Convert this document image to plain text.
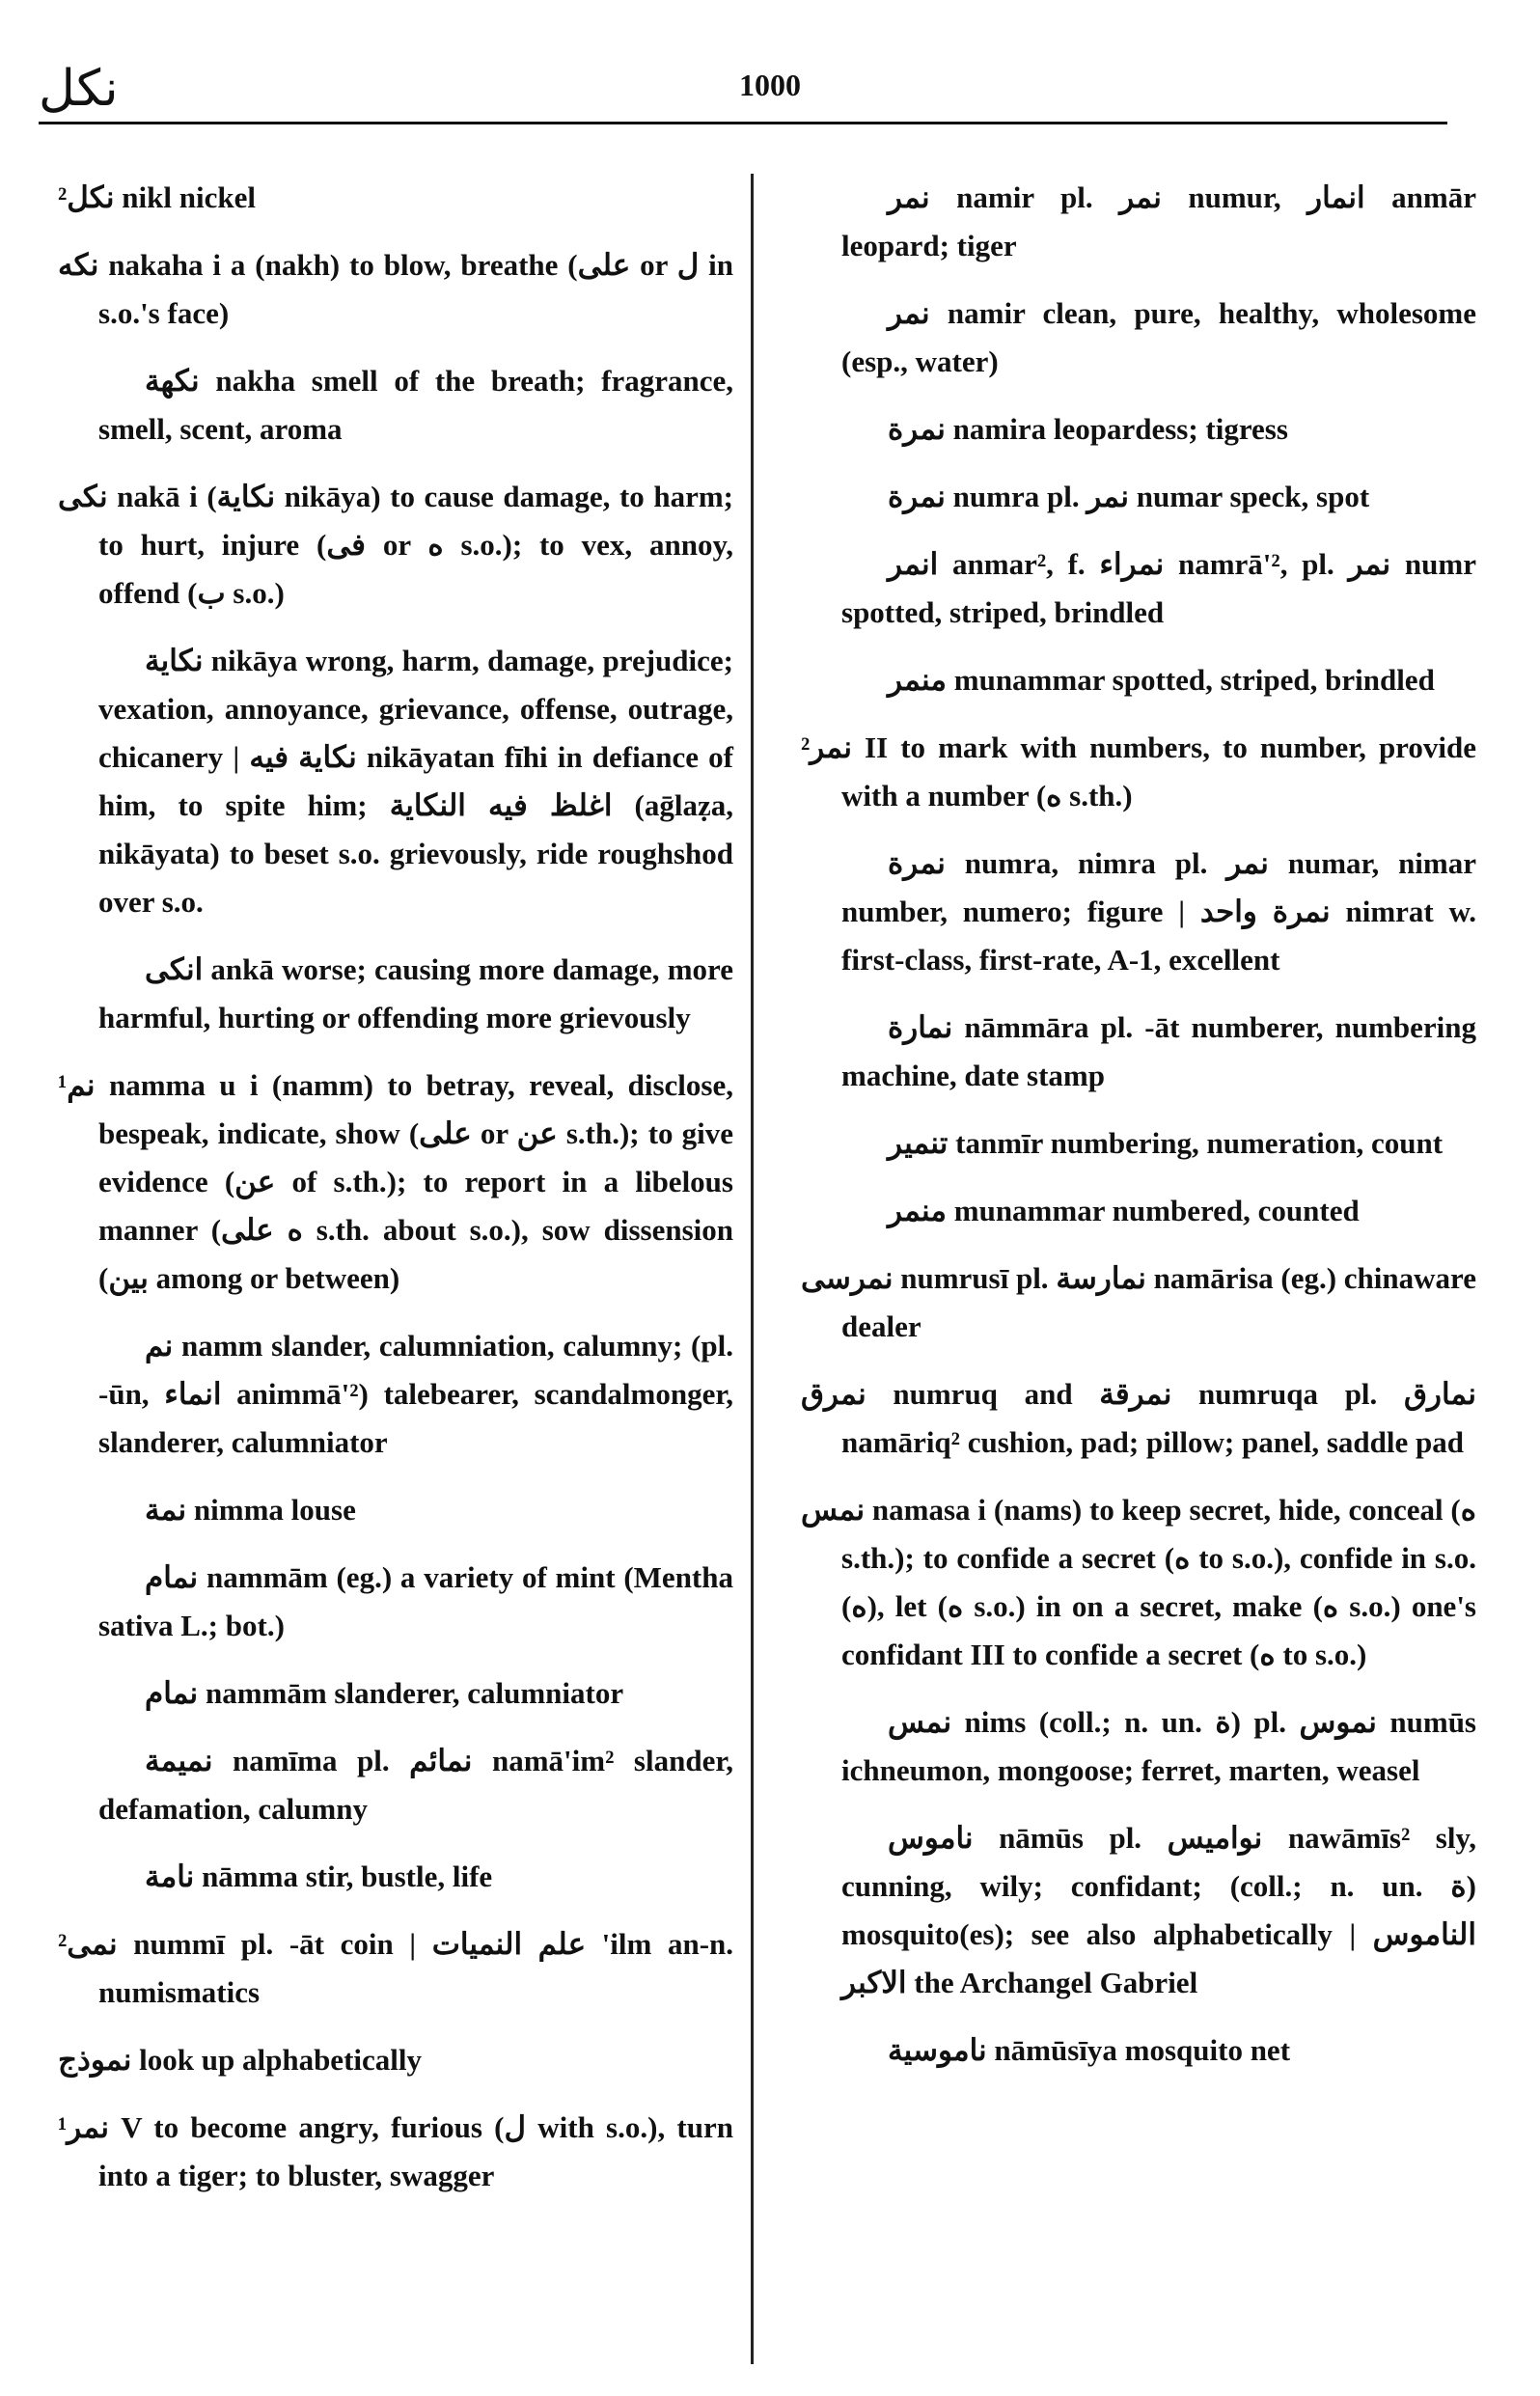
نكل	1000

²نكل nikl nickel

نكه nakaha i a (nakh) to blow, breathe (على or ل in s.o.'s face)

نكهة nakha smell of the breath; fragrance, smell, scent, aroma

نكى nakā i (نكاية nikāya) to cause damage, to harm; to hurt, injure (فى or ه s.o.); to vex, annoy, offend (ب s.o.)

نكاية nikāya wrong, harm, damage, prejudice; vexation, annoyance, grievance, offense, outrage, chicanery | نكاية فيه nikāyatan fīhi in defiance of him, to spite him; اغلظ فيه النكاية (aḡlaẓa, nikāyata) to beset s.o. grievously, ride roughshod over s.o.

انكى ankā worse; causing more damage, more harmful, hurting or offending more grievously

¹نم namma u i (namm) to betray, reveal, disclose, bespeak, indicate, show (على or عن s.th.); to give evidence (عن of s.th.); to report in a libelous manner (ه على s.th. about s.o.), sow dissension (بين among or between)

نم namm slander, calumniation, calumny; (pl. -ūn, انماء animmā'²) talebearer, scandalmonger, slanderer, calumniator

نمة nimma louse

نمام nammām (eg.) a variety of mint (Mentha sativa L.; bot.)

نمام nammām slanderer, calumniator

نميمة namīma pl. نمائم namā'im² slander, defamation, calumny

نامة nāmma stir, bustle, life

²نمى nummī pl. -āt coin | علم النميات 'ilm an-n. numismatics

نموذج look up alphabetically

¹نمر V to become angry, furious (ل with s.o.), turn into a tiger; to bluster, swagger

نمر namir pl. نمر numur, انمار anmār leopard; tiger

نمر namir clean, pure, healthy, wholesome (esp., water)

نمرة namira leopardess; tigress

نمرة numra pl. نمر numar speck, spot

انمر anmar², f. نمراء namrā'², pl. نمر numr spotted, striped, brindled

منمر munammar spotted, striped, brindled

²نمر II to mark with numbers, to number, provide with a number (ه s.th.)

نمرة numra, nimra pl. نمر numar, nimar number, numero; figure | نمرة واحد nimrat w. first-class, first-rate, A-1, excellent

نمارة nāmmāra pl. -āt numberer, numbering machine, date stamp

تنمير tanmīr numbering, numeration, count

منمر munammar numbered, counted

نمرسى numrusī pl. نمارسة namārisa (eg.) chinaware dealer

نمرق numruq and نمرقة numruqa pl. نمارق namāriq² cushion, pad; pillow; panel, saddle pad

نمس namasa i (nams) to keep secret, hide, conceal (ه s.th.); to confide a secret (ه to s.o.), confide in s.o. (ه), let (ه s.o.) in on a secret, make (ه s.o.) one's confidant III to confide a secret (ه to s.o.)

نمس nims (coll.; n. un. ة) pl. نموس numūs ichneumon, mongoose; ferret, marten, weasel

ناموس nāmūs pl. نواميس nawāmīs² sly, cunning, wily; confidant; (coll.; n. un. ة) mosquito(es); see also alphabetically | الناموس الاكبر the Archangel Gabriel

ناموسية nāmūsīya mosquito net
